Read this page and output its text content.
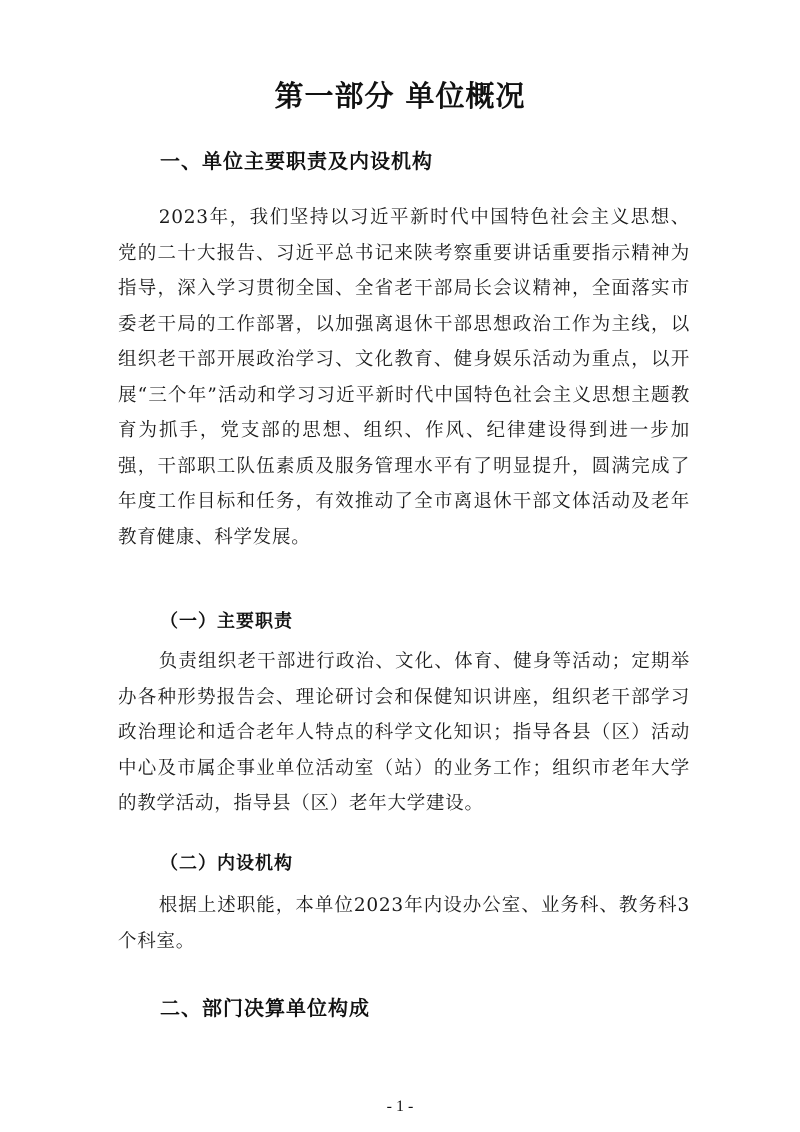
第一部分 单位概况
一、单位主要职责及内设机构

2023年，我们坚持以习近平新时代中国特色社会主义思想、党的二十大报告、习近平总书记来陕考察重要讲话重要指示精神为指导，深入学习贯彻全国、全省老干部局长会议精神，全面落实市委老干局的工作部署，以加强离退休干部思想政治工作为主线，以组织老干部开展政治学习、文化教育、健身娱乐活动为重点，以开展“三个年”活动和学习习近平新时代中国特色社会主义思想主题教育为抓手，党支部的思想、组织、作风、纪律建设得到进一步加强，干部职工队伍素质及服务管理水平有了明显提升，圆满完成了年度工作目标和任务，有效推动了全市离退休干部文体活动及老年教育健康、科学发展。

（一）主要职责

负责组织老干部进行政治、文化、体育、健身等活动；定期举办各种形势报告会、理论研讨会和保健知识讲座，组织老干部学习政治理论和适合老年人特点的科学文化知识；指导各县（区）活动中心及市属企事业单位活动室（站）的业务工作；组织市老年大学的教学活动，指导县（区）老年大学建设。

（二）内设机构

根据上述职能，本单位2023年内设办公室、业务科、教务科3个科室。

二、部门决算单位构成
- 1 -
